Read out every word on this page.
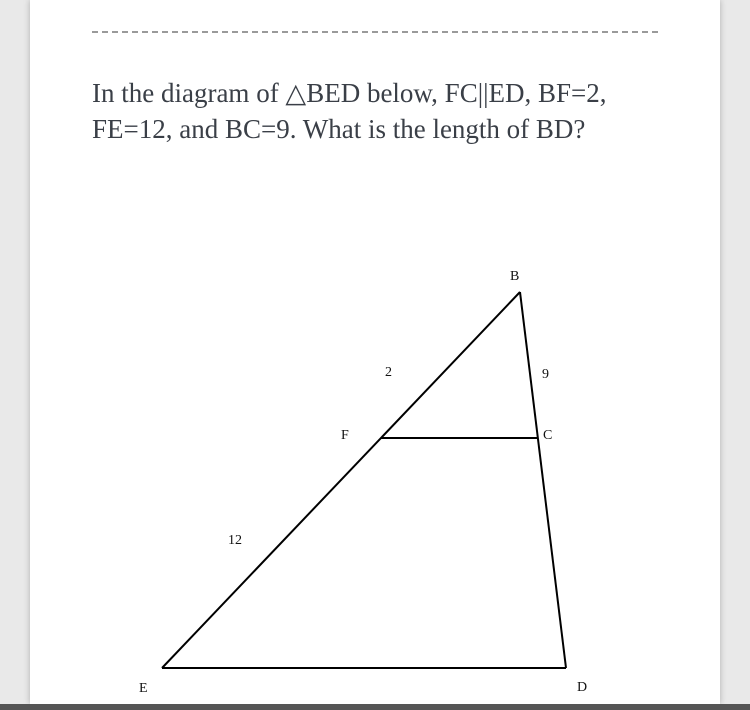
In the diagram of △BED below, FC||ED, BF=2, FE=12, and BC=9. What is the length of BD?

B
E	D
F	C
2
12
9
